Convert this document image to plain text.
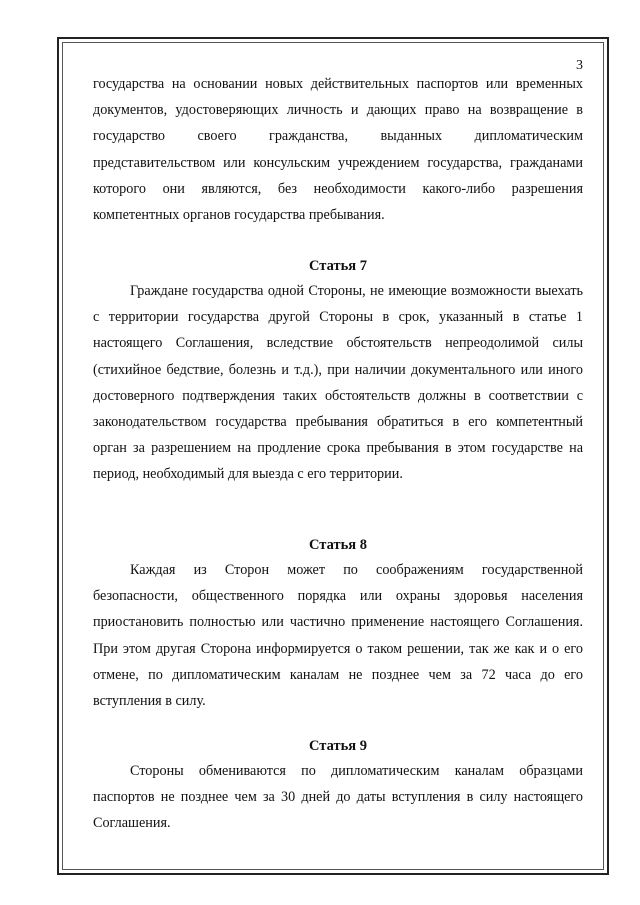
3

государства на основании новых действительных паспортов или временных документов, удостоверяющих личность и дающих право на возвращение в государство своего гражданства, выданных дипломатическим представительством или консульским учреждением государства, гражданами которого они являются, без необходимости какого-либо разрешения компетентных органов государства пребывания.

Статья 7

Граждане государства одной Стороны, не имеющие возможности выехать с территории государства другой Стороны в срок, указанный в статье 1 настоящего Соглашения, вследствие обстоятельств непреодолимой силы (стихийное бедствие, болезнь и т.д.), при наличии документального или иного достоверного подтверждения таких обстоятельств должны в соответствии с законодательством государства пребывания обратиться в его компетентный орган за разрешением на продление срока пребывания в этом государстве на период, необходимый для выезда с его территории.

Статья 8

Каждая из Сторон может по соображениям государственной безопасности, общественного порядка или охраны здоровья населения приостановить полностью или частично применение настоящего Соглашения. При этом другая Сторона информируется о таком решении, так же как и о его отмене, по дипломатическим каналам не позднее чем за 72 часа до его вступления в силу.

Статья 9

Стороны обмениваются по дипломатическим каналам образцами паспортов не позднее чем за 30 дней до даты вступления в силу настоящего Соглашения.
